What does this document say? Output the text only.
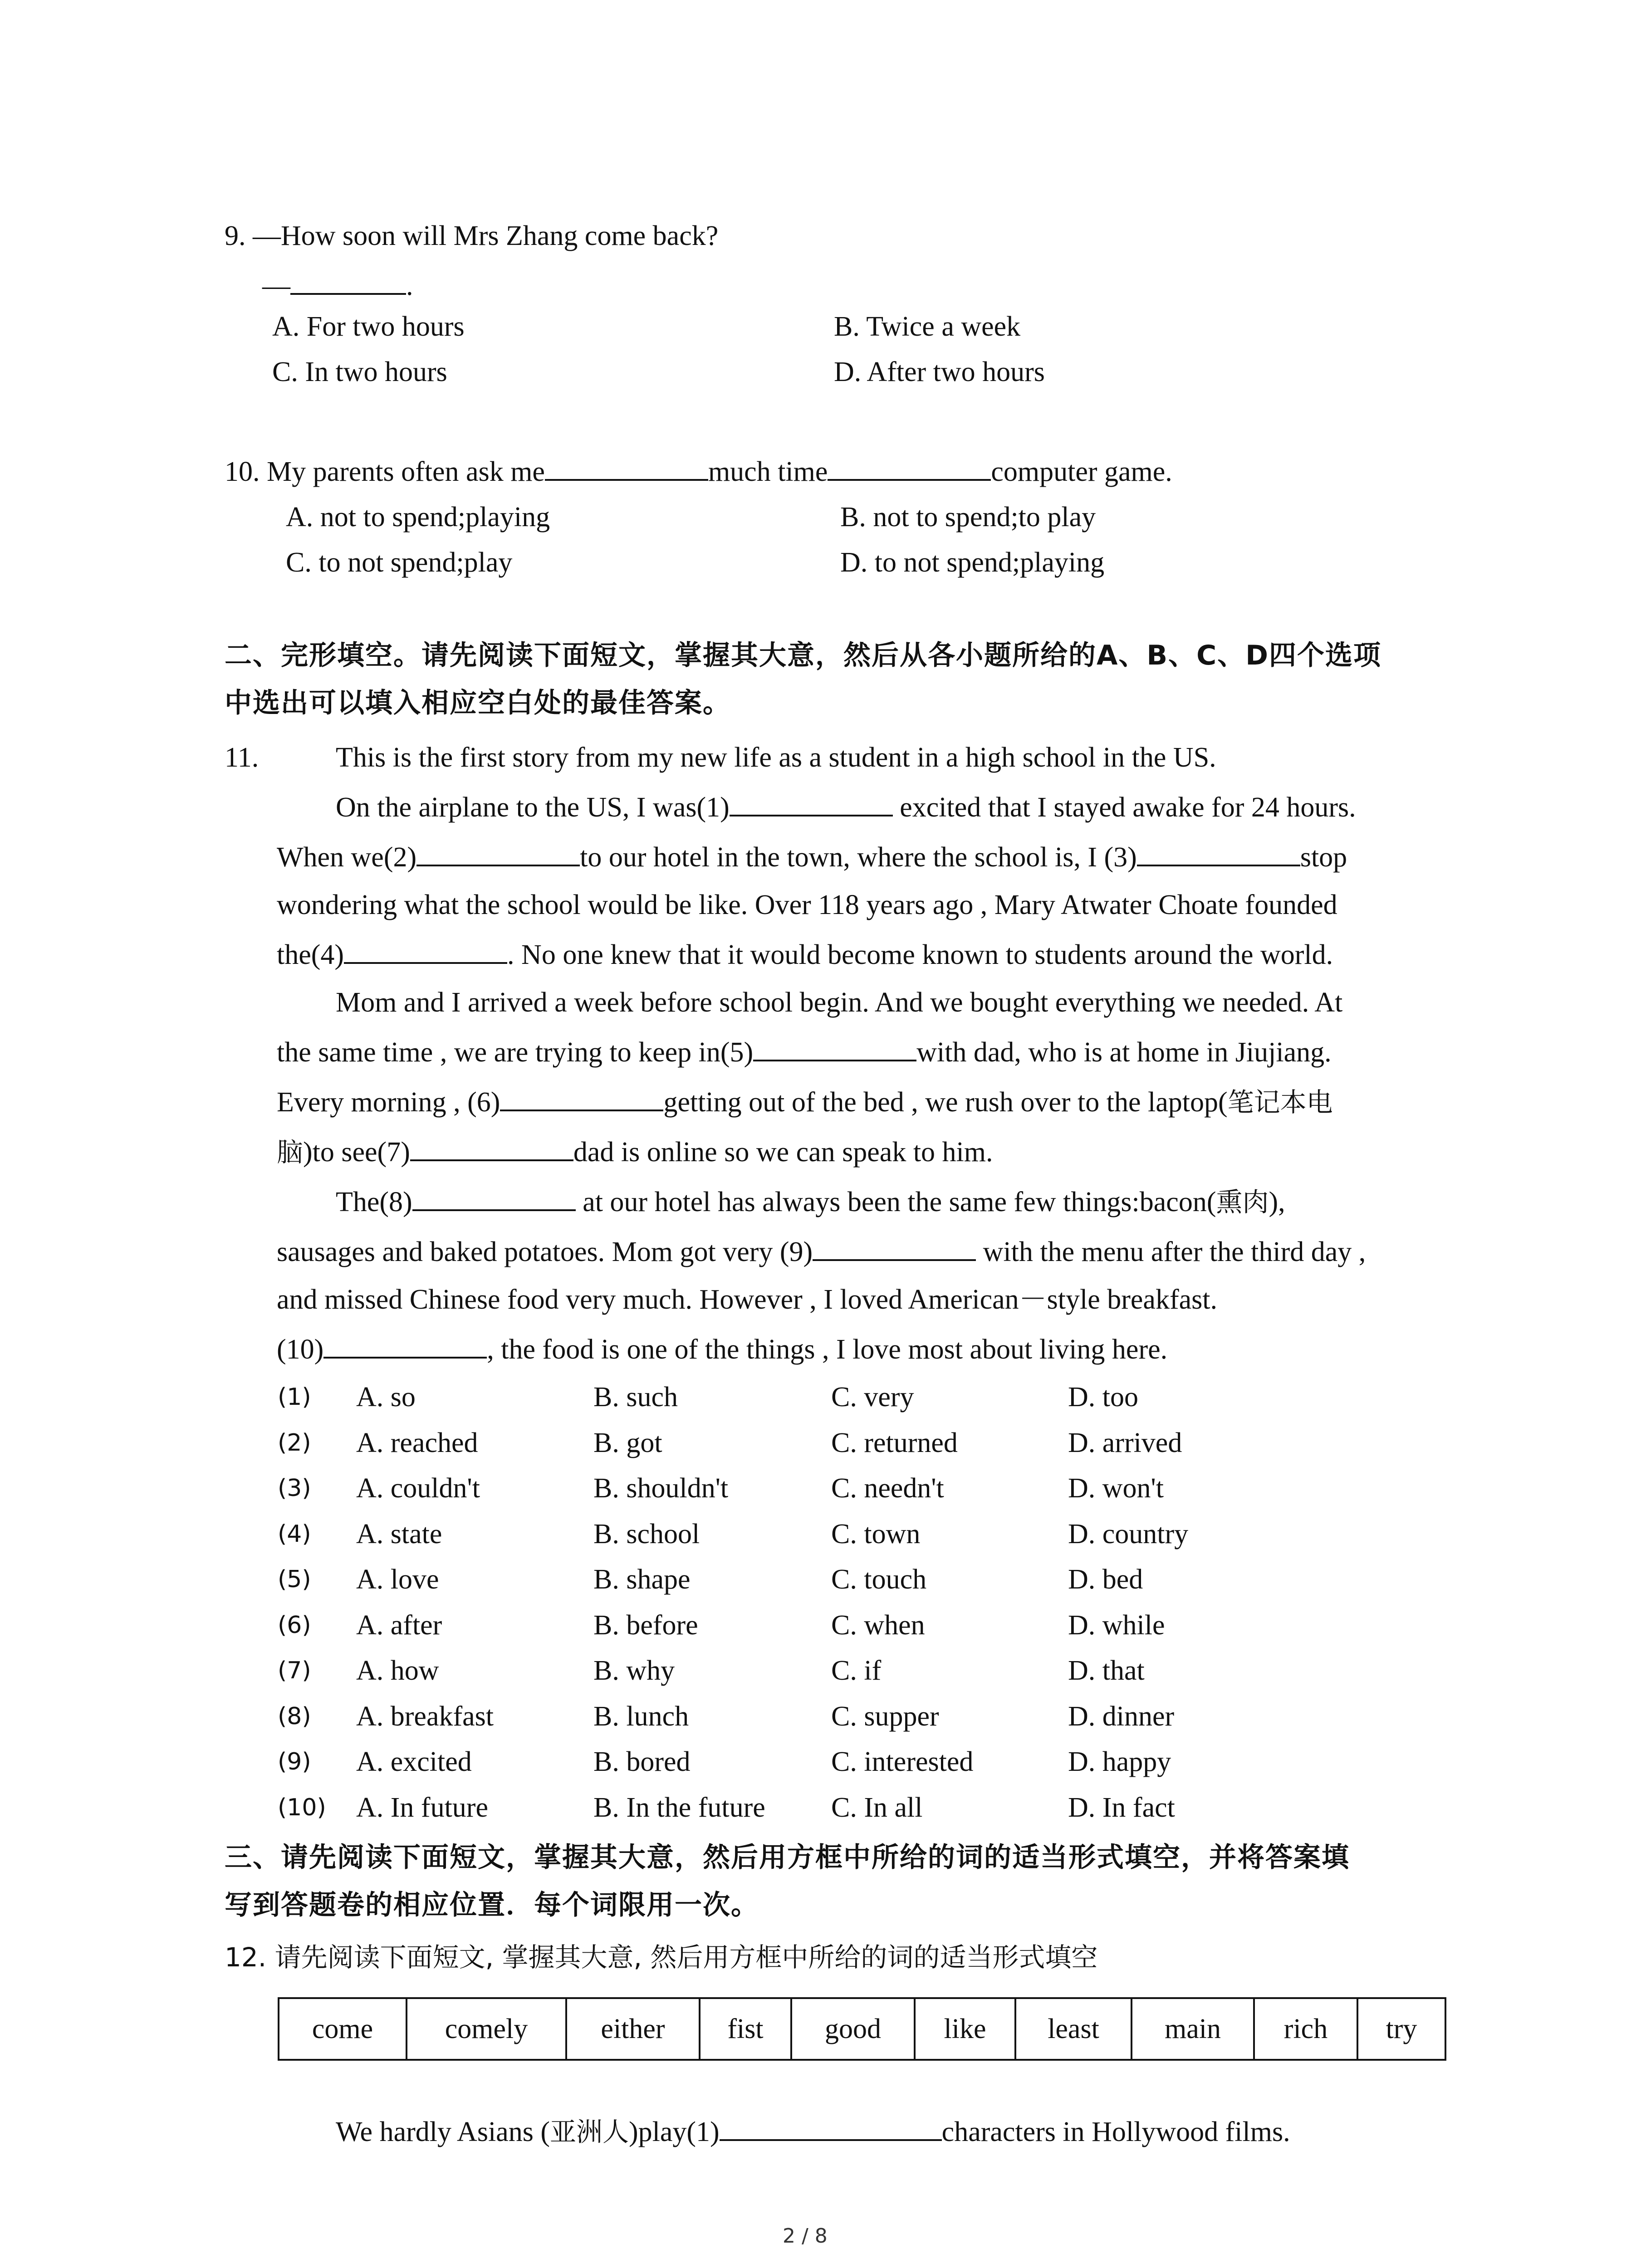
9. —How soon will Mrs Zhang come back?
—	.
A. For two hours	B. Twice a week
C. In two hours	D. After two hours
10. My parents often ask me	much time	computer game.
A. not to spend;playing	B. not to spend;to play
C. to not spend;play	D. to not spend;playing
二、完形填空。请先阅读下面短文，掌握其大意，然后从各小题所给的A、B、C、D四个选项
中选出可以填入相应空白处的最佳答案。
11.	This is the first story from my new life as a student in a high school in the US.
On the airplane to the US, I was(1)	excited that I stayed awake for 24 hours.
When we(2)	to our hotel in the town, where the school is, I (3)	stop
wondering what the school would be like. Over 118 years ago , Mary Atwater Choate founded
the(4)	. No one knew that it would become known to students around the world.
Mom and I arrived a week before school begin. And we bought everything we needed. At
the same time , we are trying to keep in(5)	with dad, who is at home in Jiujiang.
Every morning , (6)	getting out of the bed , we rush over to the laptop(笔记本电
脑)to see(7)	dad is online so we can speak to him.
The(8)	at our hotel has always been the same few things:bacon(熏肉),
sausages and baked potatoes. Mom got very (9)	with the menu after the third day ,
and missed Chinese food very much. However , I loved American－style breakfast.
(10)	, the food is one of the things , I love most about living here.
(1) A. so	B. such	C. very	D. too
(2) A. reached	B. got	C. returned	D. arrived
(3) A. couldn't	B. shouldn't	C. needn't	D. won't
(4) A. state	B. school	C. town	D. country
(5) A. love	B. shape	C. touch	D. bed
(6) A. after	B. before	C. when	D. while
(7) A. how	B. why	C. if	D. that
(8) A. breakfast	B. lunch	C. supper	D. dinner
(9) A. excited	B. bored	C. interested	D. happy
(10) A. In future	B. In the future C. In all	D. In fact
三、请先阅读下面短文，掌握其大意，然后用方框中所给的词的适当形式填空，并将答案填
写到答题卷的相应位置．每个词限用一次。
12. 请先阅读下面短文, 掌握其大意, 然后用方框中所给的词的适当形式填空
come	comely	either	fist	good	like	least	main	rich	try
We hardly Asians (亚洲人)play(1)	characters in Hollywood films.
2 / 8
